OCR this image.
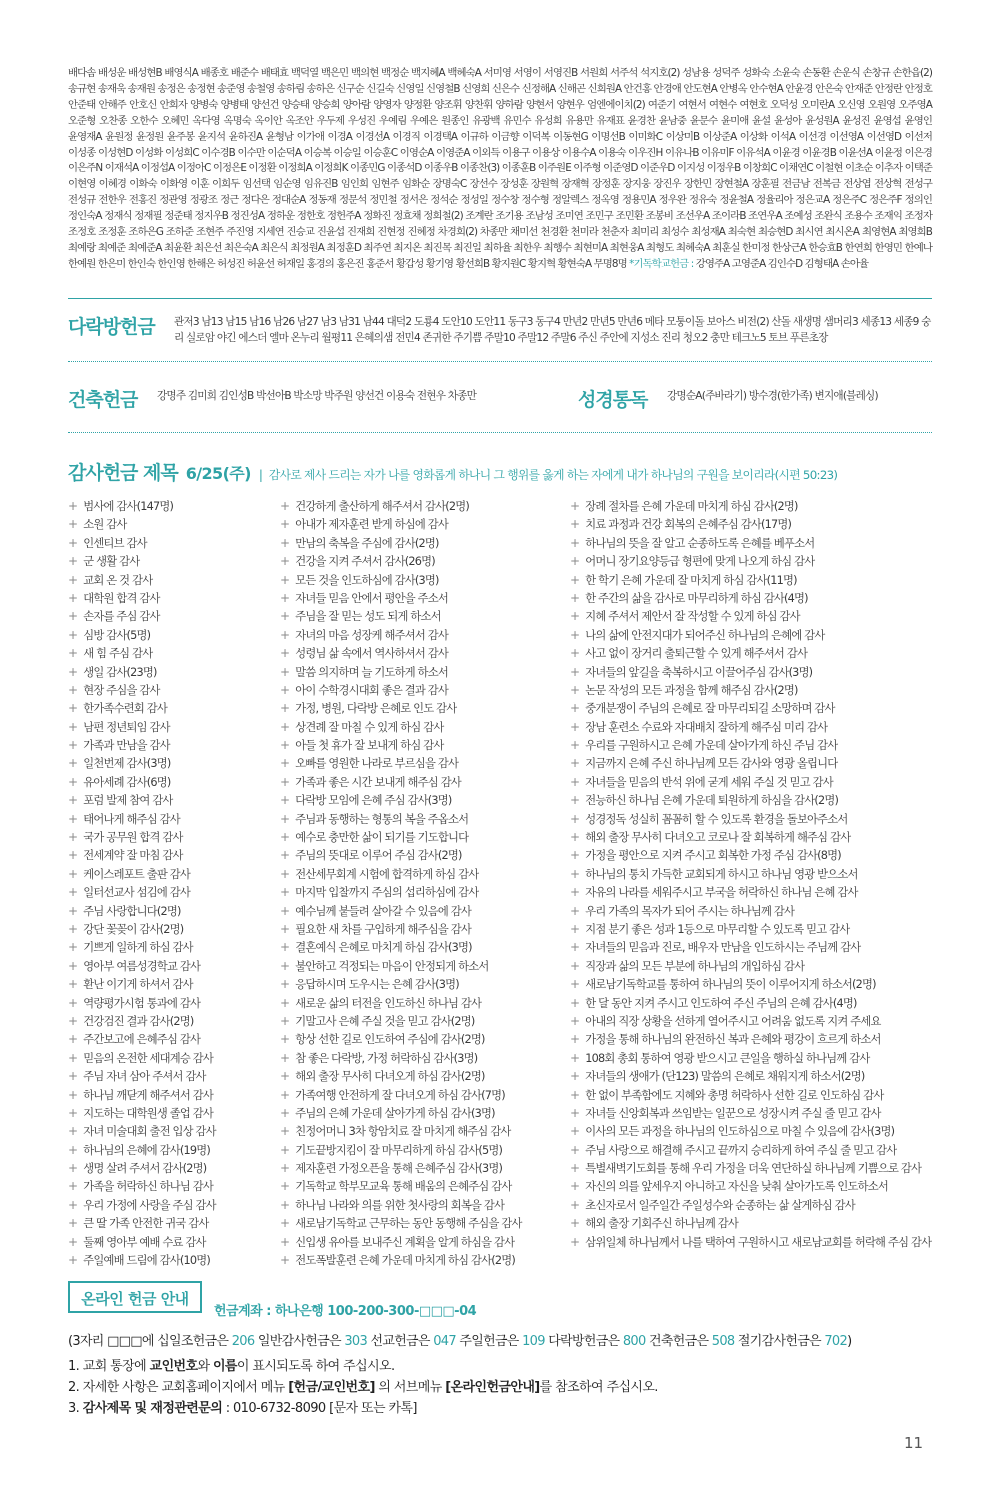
배다솜 배성운 배성현B 배영식A 배종호 배준수 배태효 백덕열 백은민 백의현 백정순 백지혜A 백혜숙A 서미영 서영이 서영진B 서원희 서주석 석지호(2) 성남용 성덕주 성화숙 소윤숙 손동환 손운식 손창규 손한읍(2) 송규현 송재욱 송재원 송정은 송정현 송준영 송철영 송하림 송하은 신구순 신길숙 신영일 신영철B 신영희 신은수 신정해A 신해곤 신희원A 안건홍 안경애 안도현A 안병옥 안수현A 안윤경 안은숙 안재준 안정란 안정호 안준태 안해주 안호신 안희자 양병숙 양병태 양선건 양승태 양승희 양아람 양영자 양정환 양조휘 양찬휘 양하람 양현서 양현우 엄엔에이치(2) 여준기 여현서 여현수 여현호 오덕성 오미란A 오신영 오원영 오주영A 오준형 오찬종 오한수 오혜민 옥다영 옥명숙 옥이안 옥조안 우두제 우성진 우예림 우예은 원종인 유광백 유민수 유성희 유용만 유재표 윤경찬 윤남중 윤문수 윤미애 윤설 윤성아 윤성원A 윤성진 윤영섭 윤영인 윤영재A 윤원정 윤정원 윤주봉 윤지석 윤하진A 윤형남 이가애 이경A 이경선A 이경직 이경택A 이규하 이금향 이덕복 이동현G 이명선B 이미화C 이상미B 이상준A 이상화 이석A 이선경 이선영A 이선영D 이선저 이성종 이성현D 이성화 이성희C 이수경B 이수만 이순덕A 이승복 이승일 이승훈C 이영순A 이영준A 이외득 이용구 이용상 이용수A 이용숙 이우진H 이유나B 이유미F 이유석A 이윤경 이윤경B 이윤선A 이윤정 이은경 이은주N 이재석A 이정섭A 이정아C 이정은E 이정환 이정희A 이정희K 이종민G 이종석D 이종우B 이종찬(3) 이종훈B 이주원E 이주형 이준영D 이준우D 이지성 이정우B 이창희C 이채연C 이철현 이초순 이추자 이택준 이현영 이혜경 이화숙 이화영 이훈 이희두 임선택 임순영 임유진B 임인희 임현주 임화순 장명숙C 장선수 장성훈 장원혁 장재혁 장정훈 장지웅 장진우 장한민 장현철A 장훈필 전금남 전복금 전상엽 전상혁 전성구 전성규 전한우 전홍진 정관영 정광조 정근 정다은 정대순A 정동재 정문석 정민철 정서은 정석순 정성일 정수창 정수형 정알렉스 정옥영 정용민A 정우완 정유숙 정윤철A 정율리아 정은교A 정은주C 정은주F 정의인 정인숙A 정재식 정재필 정준태 정지우B 정진성A 정하운 정한호 정헌주A 정화진 정효채 정희철(2) 조계란 조기용 조남성 조미연 조민구 조민환 조봉비 조선우A 조이라B 조연우A 조예성 조완식 조용수 조재익 조정자 조정호 조정훈 조하은G 조하준 조현주 주진영 지세연 진승교 진윤섭 진재희 진현정 진혜정 차경희(2) 차종만 채미선 천경환 천미라 천춘자 최미리 최성수 최성재A 최숙현 최승현D 최시연 최시온A 최영현A 최영희B 최예랑 최예준 최예준A 최윤환 최은선 최은숙A 최은식 최정원A 최정훈D 최주연 최지온 최진목 최진일 최하율 최한우 최행수 최현미A 최현웅A 최형도 최혜숙A 최훈실 한미정 한상근A 한승효B 한연희 한영민 한예나 한예원 한은미 한인숙 한인영 한해은 허성진 허윤선 허재일 홍경의 홍은진 홍준서 황갑성 황기영 황선희B 황지원C 황지혁 황현숙A 무명8명 *기독학교헌금 : 강영주A 고영준A 김인수D 김형태A 손아율
다락방헌금 관저3 남13 남15 남16 남26 남27 남3 남31 남44 대덕2 도룡4 도안10 도안11 동구3 동구4 만년2 만년5 만년6 메타 모퉁이돌 보아스 비전(2) 산돌 새생명 샘머리3 세종13 세종9 숭리 실로암 야긴 에스더 엘마 온누리 월평11 은혜의샘 전민4 존귀한 주기쁨 주말10 주말12 주말6 주신 주안에 지성소 진리 청오2 충만 테크노5 토브 푸른초장
건축헌금 강명주 김미희 김인성B 박선아B 박소망 박주원 양선건 이용숙 전현우 차종만	성경통독 강명순A(주바라기) 방수경(한가족) 변지애(블레싱)
감사헌금 제목 6/25(주) | 감사로 제사 드리는 자가 나를 영화롭게 하나니 그 행위를 옳게 하는 자에게 내가 하나님의 구원을 보이리라(시편 50:23)
+ 범사에 감사(147명)
+ 소원 감사
+ 인센티브 감사
+ 군 생활 감사
+ 교회 온 것 감사
+ 대학원 합격 감사
+ 손자를 주심 감사
+ 심방 감사(5명)
+ 새 힘 주심 감사
+ 생일 감사(23명)
+ 현장 주심을 감사
+ 한가족수련회 감사
+ 남편 정년퇴임 감사
+ 가족과 만남을 감사
+ 일천번제 감사(3명)
+ 유아세례 감사(6명)
+ 포럼 발제 참여 감사
+ 태어나게 해주심 감사
+ 국가 공무원 합격 감사
+ 전세계약 잘 마침 감사
+ 케이스레포트 출판 감사
+ 일터선교사 섬김에 감사
+ 주님 사랑합니다(2명)
+ 강단 꽃꽂이 감사(2명)
+ 기쁘게 일하게 하심 감사
+ 영아부 여름성경학교 감사
+ 환난 이기게 하셔서 감사
+ 역량평가시험 통과에 감사
+ 건강검진 결과 감사(2명)
+ 주간보고에 은혜주심 감사
+ 믿음의 온전한 세대계승 감사
+ 주님 자녀 삼아 주셔서 감사
+ 하나님 깨닫게 해주셔서 감사
+ 지도하는 대학원생 졸업 감사
+ 자녀 미술대회 출전 입상 감사
+ 하나님의 은혜에 감사(19명)
+ 생명 살려 주셔서 감사(2명)
+ 가족을 허락하신 하나님 감사
+ 우리 가정에 사랑을 주심 감사
+ 큰 딸 가족 안전한 귀국 감사
+ 둘째 영아부 예배 수료 감사
+ 주일예배 드림에 감사(10명)
+ 건강하게 출산하게 해주셔서 감사(2명)
+ 아내가 제자훈련 받게 하심에 감사
+ 만남의 축복을 주심에 감사(2명)
+ 건강을 지켜 주셔서 감사(26명)
+ 모든 것을 인도하심에 감사(3명)
+ 자녀들 믿음 안에서 평안을 주소서
+ 주님을 잘 믿는 성도 되게 하소서
+ 자녀의 마음 성장케 해주셔서 감사
+ 성령님 삶 속에서 역사하셔서 감사
+ 말씀 의지하며 늘 기도하게 하소서
+ 아이 수학경시대회 좋은 결과 감사
+ 가정, 병원, 다락방 은혜로 인도 감사
+ 상견례 잘 마칠 수 있게 하심 감사
+ 아들 첫 휴가 잘 보내게 하심 감사
+ 오빠를 영원한 나라로 부르심을 감사
+ 가족과 좋은 시간 보내게 해주심 감사
+ 다락방 모임에 은혜 주심 감사(3명)
+ 주님과 동행하는 형통의 복을 주옵소서
+ 예수로 충만한 삶이 되기를 기도합니다
+ 주님의 뜻대로 이루어 주심 감사(2명)
+ 전산세무회계 시험에 합격하게 하심 감사
+ 마지막 입찰까지 주심의 섭리하심에 감사
+ 예수님께 붙들려 살아갈 수 있음에 감사
+ 필요한 새 차를 구입하게 해주심을 감사
+ 결혼예식 은혜로 마치게 하심 감사(3명)
+ 불안하고 걱정되는 마음이 안정되게 하소서
+ 응답하시며 도우시는 은혜 감사(3명)
+ 새로운 삶의 터전을 인도하신 하나님 감사
+ 기말고사 은혜 주실 것을 믿고 감사(2명)
+ 항상 선한 길로 인도하여 주심에 감사(2명)
+ 참 좋은 다락방, 가정 허락하심 감사(3명)
+ 해외 출장 무사히 다녀오게 하심 감사(2명)
+ 가족여행 안전하게 잘 다녀오게 하심 감사(7명)
+ 주님의 은혜 가운데 살아가게 하심 감사(3명)
+ 친정어머니 3차 항암치료 잘 마치게 해주심 감사
+ 기도끝방지킴이 잘 마무리하게 하심 감사(5명)
+ 제자훈련 가정오픈을 통해 은혜주심 감사(3명)
+ 기독학교 학부모교육 통해 배움의 은혜주심 감사
+ 하나님 나라와 의를 위한 첫사랑의 회복을 감사
+ 새로남기독학교 근무하는 동안 동행해 주심을 감사
+ 신입생 유아를 보내주신 계획을 알게 하심을 감사
+ 전도폭발훈련 은혜 가운데 마치게 하심 감사(2명)
+ 장례 절차를 은혜 가운데 마치게 하심 감사(2명)
+ 치료 과정과 건강 회복의 은혜주심 감사(17명)
+ 하나님의 뜻을 잘 알고 순종하도록 은혜를 베푸소서
+ 어머니 장기요양등급 형편에 맞게 나오게 하심 감사
+ 한 학기 은혜 가운데 잘 마치게 하심 감사(11명)
+ 한 주간의 삶을 감사로 마무리하게 하심 감사(4명)
+ 지혜 주셔서 제안서 잘 작성할 수 있게 하심 감사
+ 나의 삶에 안전지대가 되어주신 하나님의 은혜에 감사
+ 사고 없이 장거리 출퇴근할 수 있게 해주셔서 감사
+ 자녀들의 앞길을 축복하시고 이끌어주심 감사(3명)
+ 논문 작성의 모든 과정을 함께 해주심 감사(2명)
+ 중개분쟁이 주님의 은혜로 잘 마무리되길 소망하며 감사
+ 장남 훈련소 수료와 자대배치 잘하게 해주심 미리 감사
+ 우리를 구원하시고 은혜 가운데 살아가게 하신 주님 감사
+ 지금까지 은혜 주신 하나님께 모든 감사와 영광 올립니다
+ 자녀들을 믿음의 반석 위에 굳게 세워 주실 것 믿고 감사
+ 전능하신 하나님 은혜 가운데 퇴원하게 하심을 감사(2명)
+ 성경정독 성실히 꼼꼼히 할 수 있도록 환경을 돌보아주소서
+ 해외 출장 무사히 다녀오고 코로나 잘 회복하게 해주심 감사
+ 가정을 평안으로 지켜 주시고 회복한 가정 주심 감사(8명)
+ 하나님의 통치 가득한 교회되게 하시고 하나님 영광 받으소서
+ 자유의 나라를 세워주시고 부국을 허락하신 하나님 은혜 감사
+ 우리 가족의 목자가 되어 주시는 하나님께 감사
+ 지점 분기 좋은 성과 1등으로 마무리할 수 있도록 믿고 감사
+ 자녀들의 믿음과 진로, 배우자 만남을 인도하시는 주님께 감사
+ 직장과 삶의 모든 부분에 하나님의 개입하심 감사
+ 새로남기독학교를 통하여 하나님의 뜻이 이루어지게 하소서(2명)
+ 한 달 동안 지켜 주시고 인도하여 주신 주님의 은혜 감사(4명)
+ 아내의 직장 상황을 선하게 열어주시고 어려움 없도록 지켜 주세요
+ 가정을 통해 하나님의 완전하신 복과 은혜와 평강이 흐르게 하소서
+ 108회 총회 통하여 영광 받으시고 큰일을 행하실 하나님께 감사
+ 자녀들의 생애가 (단123) 말씀의 은혜로 채워지게 하소서(2명)
+ 한 없이 부족함에도 지혜와 총명 허락하사 선한 길로 인도하심 감사
+ 자녀들 신앙회복과 쓰임받는 일꾼으로 성장시켜 주실 줄 믿고 감사
+ 이사의 모든 과정을 하나님의 인도하심으로 마칠 수 있음에 감사(3명)
+ 주님 사랑으로 해결해 주시고 끝까지 승리하게 하여 주실 줄 믿고 감사
+ 특별새벽기도회를 통해 우리 가정을 더욱 연단하실 하나님께 기쁨으로 감사
+ 자신의 의를 앞세우지 아니하고 자신을 낮춰 살아가도록 인도하소서
+ 초신자로서 일주일간 주일성수와 순종하는 삶 살게하심 감사
+ 해외 출장 기회주신 하나님께 감사
+ 삼위일체 하나님께서 나를 택하여 구원하시고 새로남교회를 허락해 주심 감사
온라인 헌금 안내
헌금계좌 : 하나은행 100-200-300-□□□-04
(3자리 □□□에 십일조헌금은 206 일반감사헌금은 303 선교헌금은 047 주일헌금은 109 다락방헌금은 800 건축헌금은 508 절기감사헌금은 702)
1. 교회 통장에 교인번호와 이름이 표시되도록 하여 주십시오.
2. 자세한 사항은 교회홈페이지에서 메뉴 [헌금/교인번호] 의 서브메뉴 [온라인헌금안내]를 참조하여 주십시오.
3. 감사제목 및 재정관련문의 : 010-6732-8090 [문자 또는 카톡]
11
